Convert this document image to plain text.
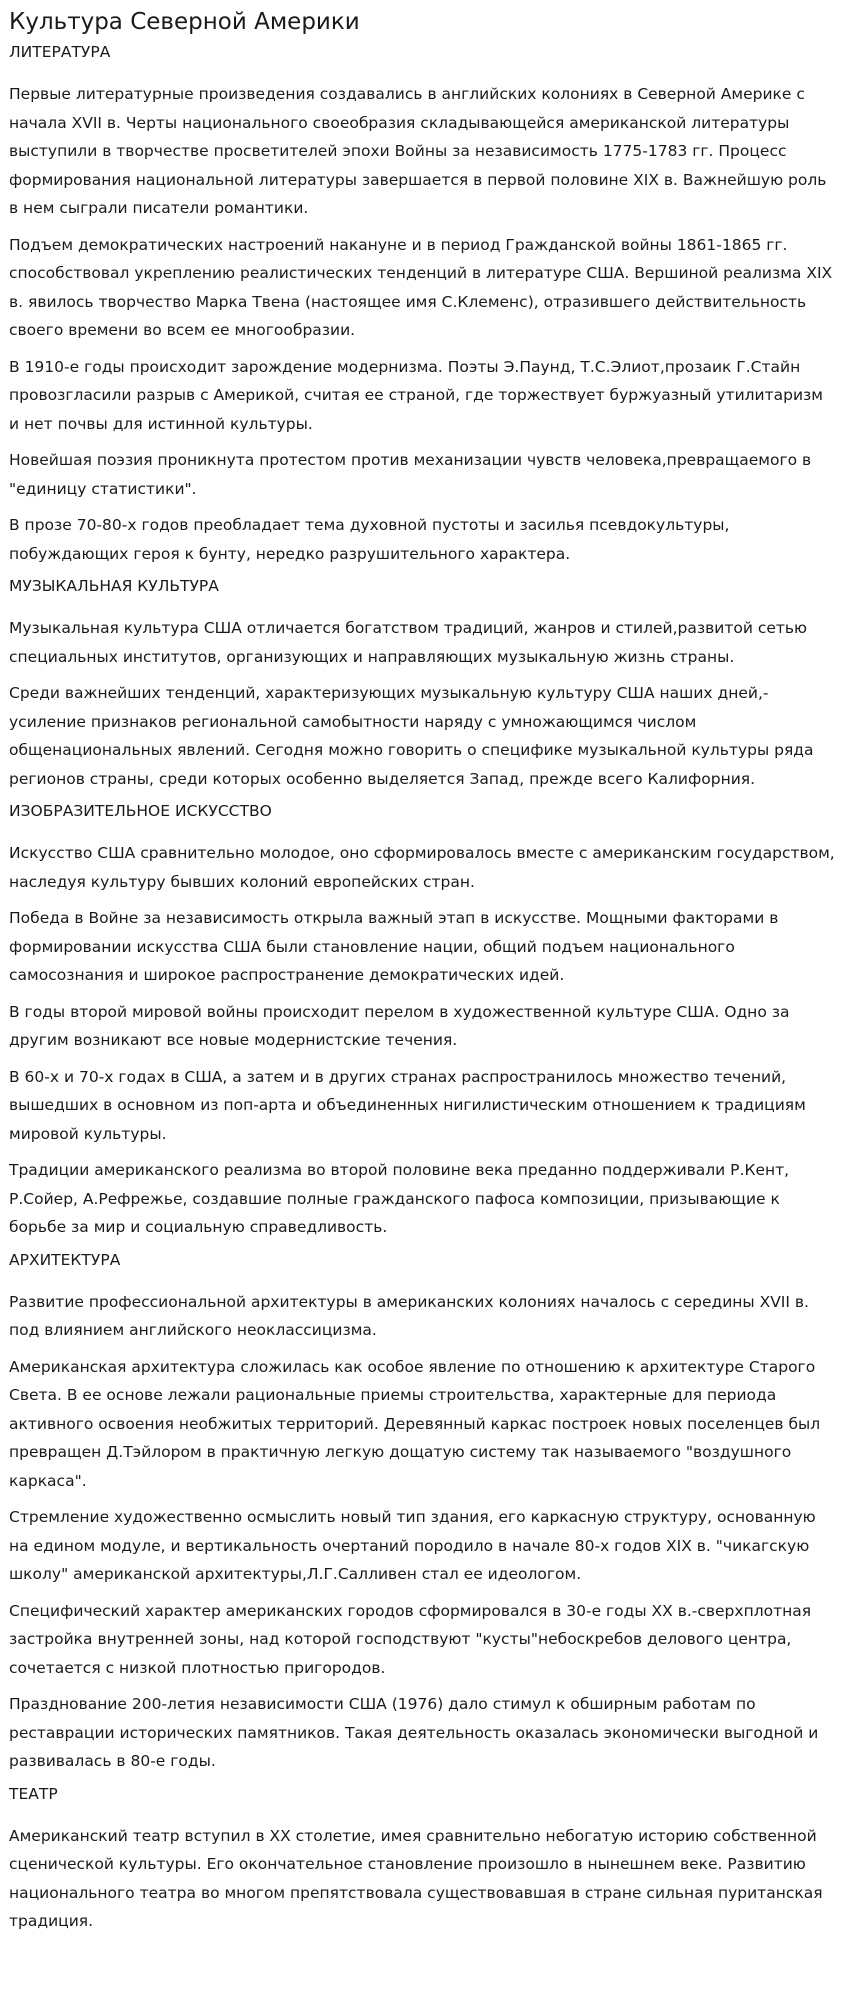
Культура Северной Америки
ЛИТЕРАТУРА

Первые литературные произведения создавались в английских колониях в Северной Америке с начала XVII в. Черты национального своеобразия складывающейся американской литературы выступили в творчестве просветителей эпохи Войны за независимость 1775-1783 гг. Процесс формирования национальной литературы завершается в первой половине XIX в. Важнейшую роль в нем сыграли писатели романтики.

Подъем демократических настроений накануне и в период Гражданской войны 1861-1865 гг. способствовал укреплению реалистических тенденций в литературе США. Вершиной реализма XIX в. явилось творчество Марка Твена (настоящее имя С.Клеменс), отразившего действительность своего времени во всем ее многообразии.

В 1910-е годы происходит зарождение модернизма. Поэты Э.Паунд, Т.С.Элиот,прозаик Г.Стайн провозгласили разрыв с Америкой, считая ее страной, где торжествует буржуазный утилитаризм и нет почвы для истинной культуры.

Новейшая поэзия проникнута протестом против механизации чувств человека,превращаемого в "единицу статистики".

В прозе 70-80-х годов преобладает тема духовной пустоты и засилья псевдокультуры, побуждающих героя к бунту, нередко разрушительного характера.

МУЗЫКАЛЬНАЯ КУЛЬТУРА

Музыкальная культура США отличается богатством традиций, жанров и стилей,развитой сетью специальных институтов, организующих и направляющих музыкальную жизнь страны.

Среди важнейших тенденций, характеризующих музыкальную культуру США наших дней,- усиление признаков региональной самобытности наряду с умножающимся числом общенациональных явлений. Сегодня можно говорить о специфике музыкальной культуры ряда регионов страны, среди которых особенно выделяется Запад, прежде всего Калифорния.

ИЗОБРАЗИТЕЛЬНОЕ ИСКУССТВО

Искусство США сравнительно молодое, оно сформировалось вместе с американским государством, наследуя культуру бывших колоний европейских стран.

Победа в Войне за независимость открыла важный этап в искусстве. Мощными факторами в формировании искусства США были становление нации, общий подъем национального самосознания и широкое распространение демократических идей.

В годы второй мировой войны происходит перелом в художественной культуре США. Одно за другим возникают все новые модернистские течения.

В 60-х и 70-х годах в США, а затем и в других странах распространилось множество течений, вышедших в основном из поп-арта и объединенных нигилистическим отношением к традициям мировой культуры.

Традиции американского реализма во второй половине века преданно поддерживали Р.Кент, Р.Сойер, А.Рефрежье, создавшие полные гражданского пафоса композиции, призывающие к борьбе за мир и социальную справедливость.

АРХИТЕКТУРА

Развитие профессиональной архитектуры в американских колониях началось с середины XVII в. под влиянием английского неоклассицизма.

Американская архитектура сложилась как особое явление по отношению к архитектуре Старого Света. В ее основе лежали рациональные приемы строительства, характерные для периода активного освоения необжитых территорий. Деревянный каркас построек новых поселенцев был превращен Д.Тэйлором в практичную легкую дощатую систему так называемого "воздушного каркаса".

Стремление художественно осмыслить новый тип здания, его каркасную структуру, основанную на едином модуле, и вертикальность очертаний породило в начале 80-х годов XIX в. "чикагскую школу" американской архитектуры,Л.Г.Салливен стал ее идеологом.

Специфический характер американских городов сформировался в 30-е годы XX в.-сверхплотная застройка внутренней зоны, над которой господствуют "кусты"небоскребов делового центра, сочетается с низкой плотностью пригородов.

Празднование 200-летия независимости США (1976) дало стимул к обширным работам по реставрации исторических памятников. Такая деятельность оказалась экономически выгодной и развивалась в 80-е годы.

ТЕАТР

Американский театр вступил в XX столетие, имея сравнительно небогатую историю собственной сценической культуры. Его окончательное становление произошло в нынешнем веке. Развитию национального театра во многом препятствовала существовавшая в стране сильная пуританская традиция.
